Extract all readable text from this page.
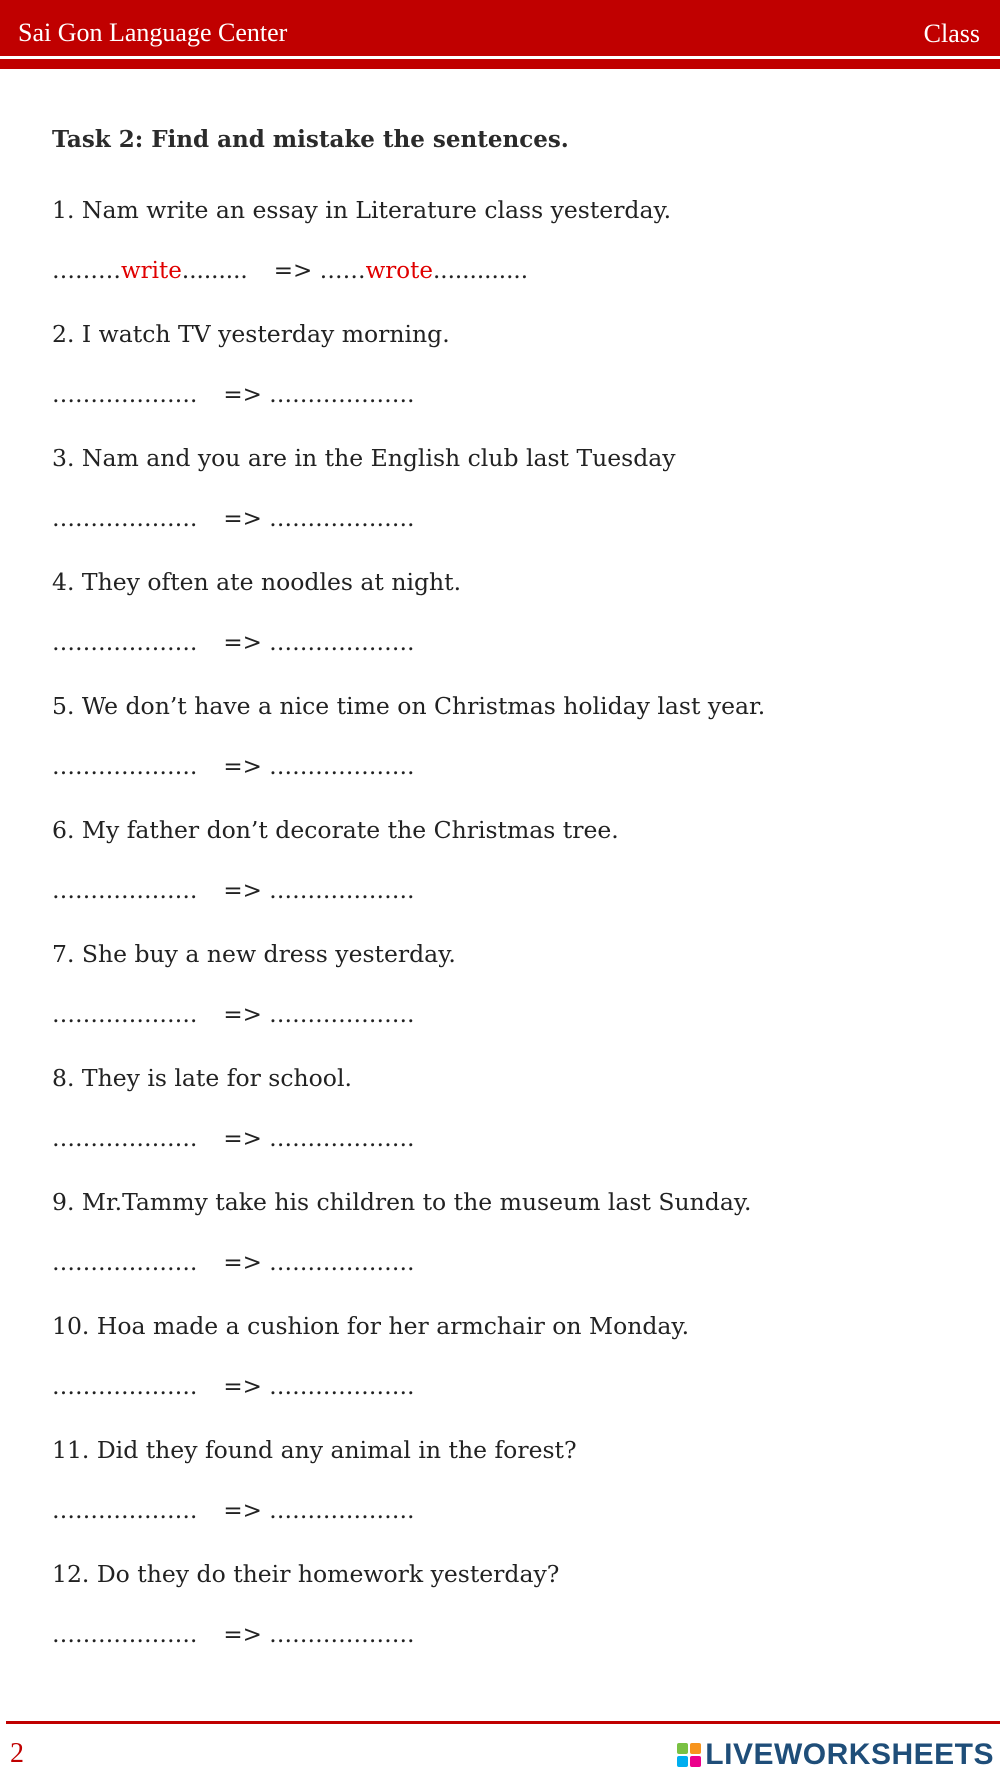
Sai Gon Language Center	Class
Task 2: Find and mistake the sentences.
1. Nam write an essay in Literature class yesterday.
………write......... => ……wrote.............
2. I watch TV yesterday morning.
………………. => ……………….
3. Nam and you are in the English club last Tuesday
………………. => ……………….
4. They often ate noodles at night.
………………. => ……………….
5. We don’t have a nice time on Christmas holiday last year.
………………. => ……………….
6. My father don’t decorate the Christmas tree.
………………. => ……………….
7. She buy a new dress yesterday.
………………. => ……………….
8. They is late for school.
………………. => ……………….
9. Mr.Tammy take his children to the museum last Sunday.
………………. => ……………….
10. Hoa made a cushion for her armchair on Monday.
………………. => ……………….
11. Did they found any animal in the forest?
………………. => ……………….
12. Do they do their homework yesterday?
………………. => ……………….
2	LIVEWORKSHEETS
